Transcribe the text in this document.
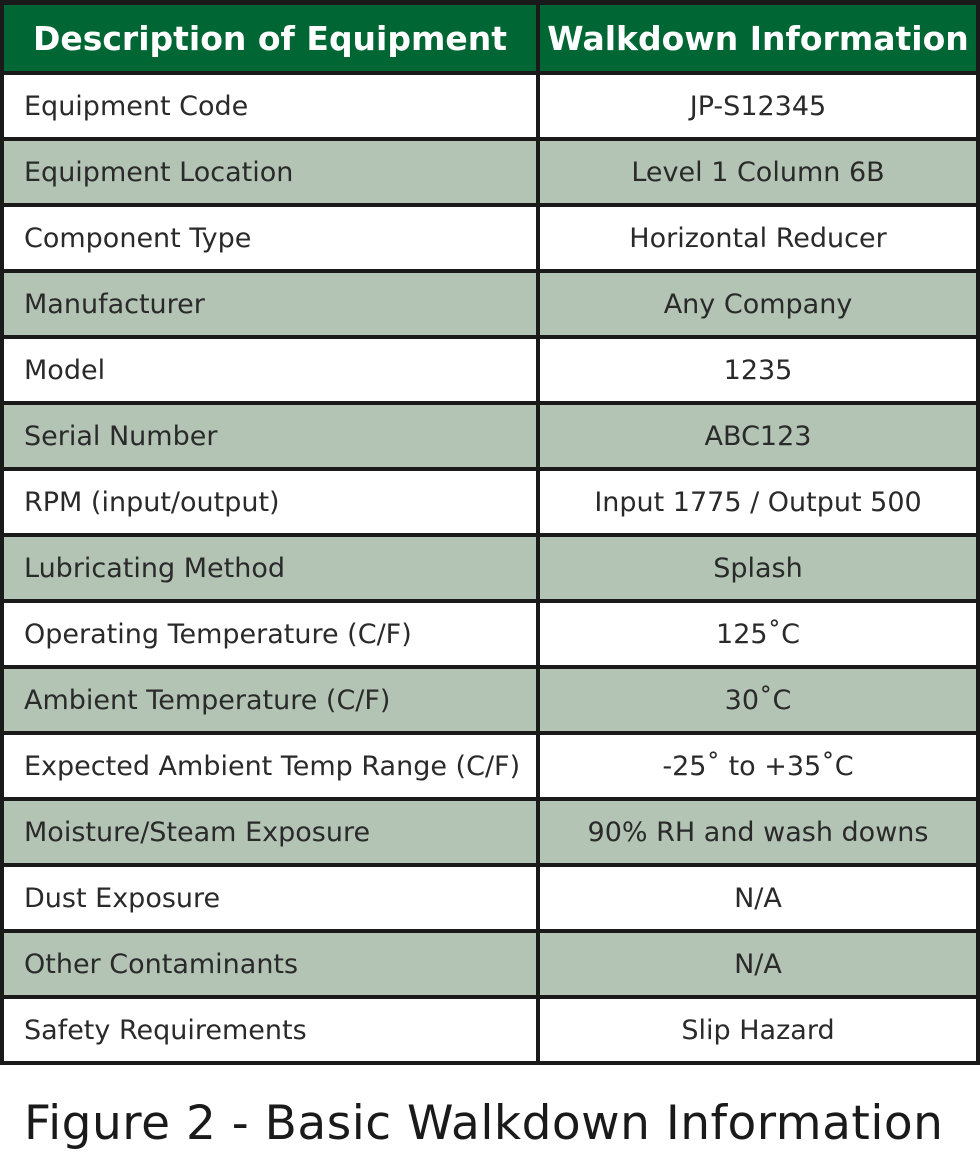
Description of Equipment	Walkdown Information
Equipment Code	JP-S12345
Equipment Location	Level 1 Column 6B
Component Type	Horizontal Reducer
Manufacturer	Any Company
Model	1235
Serial Number	ABC123
RPM (input/output)	Input 1775 / Output 500
Lubricating Method	Splash
Operating Temperature (C/F)	125˚C
Ambient Temperature (C/F)	30˚C
Expected Ambient Temp Range (C/F)	-25˚ to +35˚C
Moisture/Steam Exposure	90% RH and wash downs
Dust Exposure	N/A
Other Contaminants	N/A
Safety Requirements	Slip Hazard
Figure 2 - Basic Walkdown Information
